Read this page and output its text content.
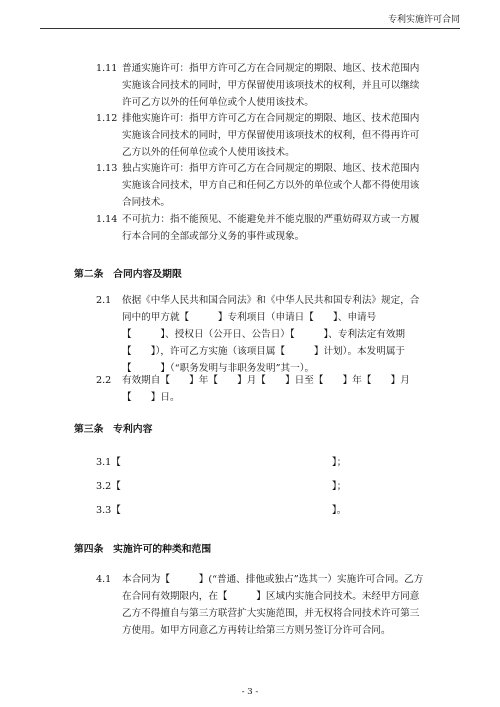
专利实施许可合同
1.11 普通实施许可：指甲方许可乙方在合同规定的期限、地区、技术范围内实施该合同技术的同时，甲方保留使用该项技术的权利，并且可以继续许可乙方以外的任何单位或个人使用该技术。
1.12 排他实施许可：指甲方许可乙方在合同规定的期限、地区、技术范围内实施该合同技术的同时，甲方保留使用该项技术的权利，但不得再许可乙方以外的任何单位或个人使用该技术。
1.13 独占实施许可：指甲方许可乙方在合同规定的期限、地区、技术范围内实施该合同技术，甲方自己和任何乙方以外的单位或个人都不得使用该合同技术。
1.14 不可抗力：指不能预见、不能避免并不能克服的严重妨碍双方或一方履行本合同的全部或部分义务的事件或现象。
第二条　合同内容及期限
2.1 依据《中华人民共和国合同法》和《中华人民共和国专利法》规定，合同中的甲方就【　　　】专利项目（申请日【　　】、申请号【　　　】、授权日（公开日、公告日）【　　　】、专利法定有效期【　　】），许可乙方实施（该项目属【　　　】计划）。本发明属于【　　　】（“职务发明与非职务发明”其一）。
2.2 有效期自【　　】年【　　】月【　　】日至【　　】年【　　】月【　　】日。
第三条　专利内容
3.1【　　　　　　　　　　　　　　　　　　　　　　】；
3.2【　　　　　　　　　　　　　　　　　　　　　　】；
3.3【　　　　　　　　　　　　　　　　　　　　　　】。
第四条　实施许可的种类和范围
4.1 本合同为【　　　】(“普通、排他或独占”选其一）实施许可合同。乙方在合同有效期限内，在【　　　】区域内实施合同技术。未经甲方同意乙方不得擅自与第三方联营扩大实施范围，并无权将合同技术许可第三方使用。如甲方同意乙方再转让给第三方则另签订分许可合同。
- 3 -
